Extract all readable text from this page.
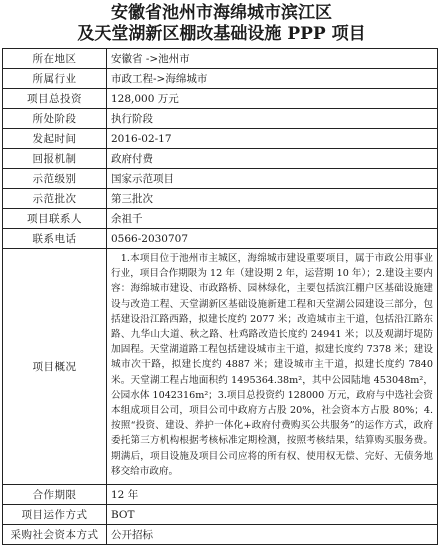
安徽省池州市海绵城市滨江区
及天堂湖新区棚改基础设施 PPP 项目
所在地区	安徽省 ->池州市
所属行业	市政工程->海绵城市
项目总投资	128,000 万元
所处阶段	执行阶段
发起时间	2016-02-17
回报机制	政府付费
示范级别	国家示范项目
示范批次	第三批次
项目联系人	余祖千
联系电话	0566-2030707
项目概况	　1.本项目位于池州市主城区，海绵城市建设重要项目，属于市政公用事业行业，项目合作期限为 12 年（建设期 2 年，运营期 10 年）；2.建设主要内容：海绵城市建设、市政路桥、园林绿化，主要包括滨江棚户区基础设施建设与改造工程、天堂湖新区基础设施新建工程和天堂湖公园建设三部分，包括建设沿江路西路，拟建长度约 2077 米；改造城市主干道，包括沿江路东路、九华山大道、秋之路、杜鸡路改造长度约 24941 米；以及观湖圩堤防加固程。天堂湖道路工程包括建设城市主干道，拟建长度约 7378 米；建设城市次干路，拟建长度约 4887 米；建设城市主干道，拟建长度约 7840 米。天堂湖工程占地面积约 1495364.38m²，其中公园陆地 453048m²，公园水体 1042316m²；3.项目总投资约 128000 万元，政府与中选社会资本组成项目公司，项目公司中政府方占股 20%，社会资本方占股 80%；4.按照“投资、建设、养护一体化+政府付费购买公共服务”的运作方式，政府委托第三方机构根据考核标准定期检测，按照考核结果，结算购买服务费。期满后，项目设施及项目公司应将的所有权、使用权无偿、完好、无债务地移交给市政府。
合作期限	12 年
项目运作方式	BOT
采购社会资本方式	公开招标
